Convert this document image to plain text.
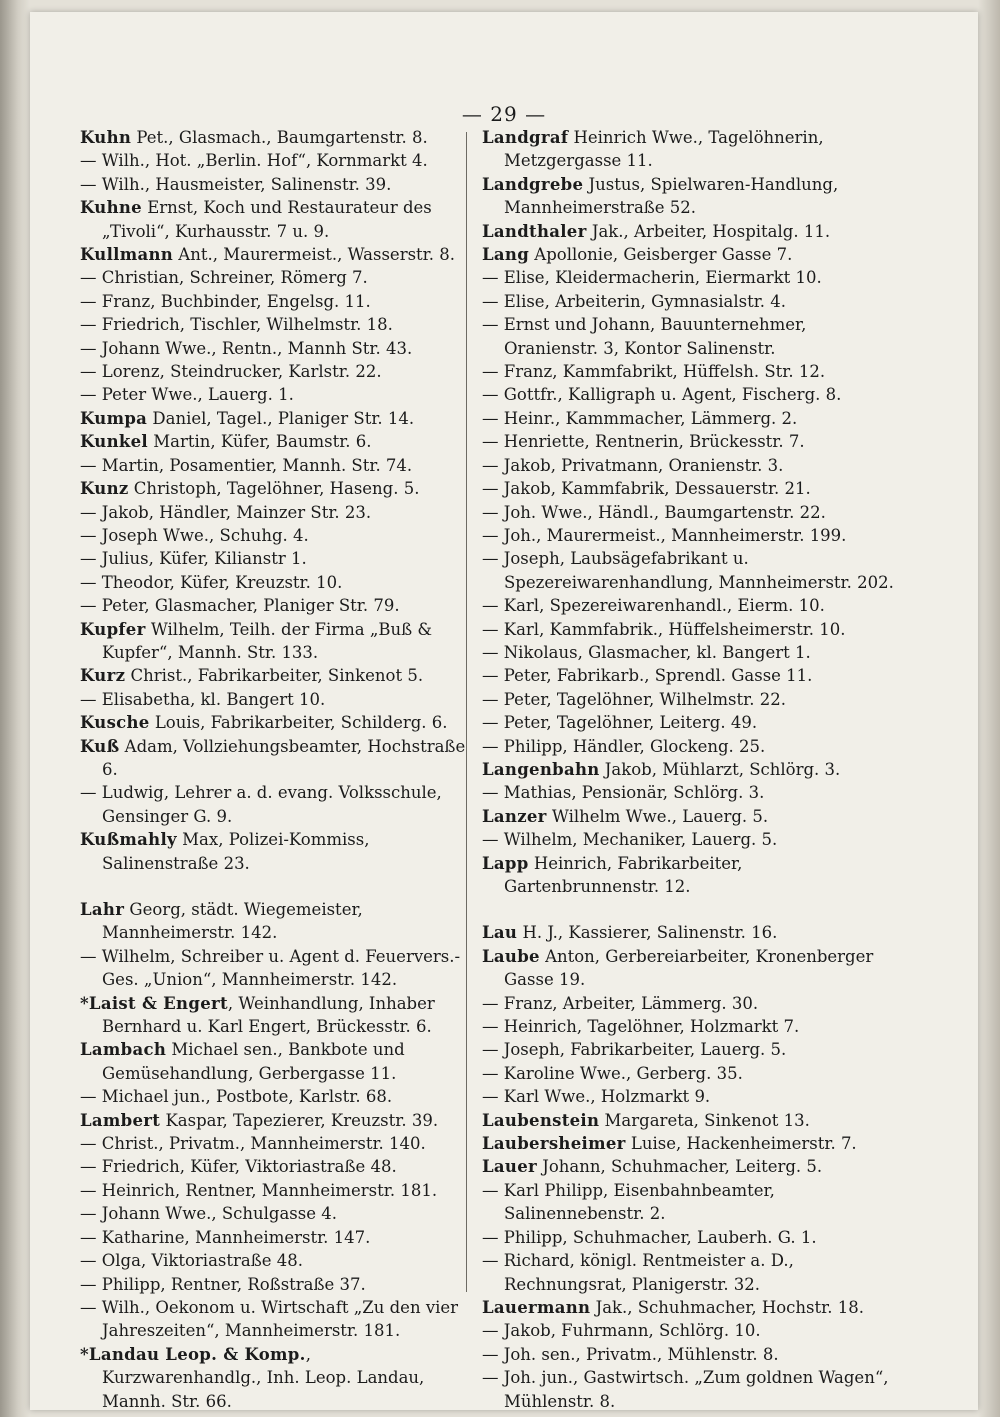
— 29 —
Kuhn Pet., Glasmach., Baumgartenstr. 8.
— Wilh., Hot. „Berlin. Hof“, Kornmarkt 4.
— Wilh., Hausmeister, Salinenstr. 39.
Kuhne Ernst, Koch und Restaurateur des „Tivoli“, Kurhausstr. 7 u. 9.
Kullmann Ant., Maurermeist., Wasserstr. 8.
— Christian, Schreiner, Römerg 7.
— Franz, Buchbinder, Engelsg. 11.
— Friedrich, Tischler, Wilhelmstr. 18.
— Johann Wwe., Rentn., Mannh Str. 43.
— Lorenz, Steindrucker, Karlstr. 22.
— Peter Wwe., Lauerg. 1.
Kumpa Daniel, Tagel., Planiger Str. 14.
Kunkel Martin, Küfer, Baumstr. 6.
— Martin, Posamentier, Mannh. Str. 74.
Kunz Christoph, Tagelöhner, Haseng. 5.
— Jakob, Händler, Mainzer Str. 23.
— Joseph Wwe., Schuhg. 4.
— Julius, Küfer, Kilianstr 1.
— Theodor, Küfer, Kreuzstr. 10.
— Peter, Glasmacher, Planiger Str. 79.
Kupfer Wilhelm, Teilh. der Firma „Buß & Kupfer“, Mannh. Str. 133.
Kurz Christ., Fabrikarbeiter, Sinkenot 5.
— Elisabetha, kl. Bangert 10.
Kusche Louis, Fabrikarbeiter, Schilderg. 6.
Kuß Adam, Vollziehungsbeamter, Hochstraße 6.
— Ludwig, Lehrer a. d. evang. Volksschule, Gensinger G. 9.
Kußmahly Max, Polizei-Kommiss, Salinenstraße 23.
Lahr Georg, städt. Wiegemeister, Mannheimerstr. 142.
— Wilhelm, Schreiber u. Agent d. Feuervers.-Ges. „Union“, Mannheimerstr. 142.
*Laist & Engert, Weinhandlung, Inhaber Bernhard u. Karl Engert, Brückesstr. 6.
Lambach Michael sen., Bankbote und Gemüsehandlung, Gerbergasse 11.
— Michael jun., Postbote, Karlstr. 68.
Lambert Kaspar, Tapezierer, Kreuzstr. 39.
— Christ., Privatm., Mannheimerstr. 140.
— Friedrich, Küfer, Viktoriastraße 48.
— Heinrich, Rentner, Mannheimerstr. 181.
— Johann Wwe., Schulgasse 4.
— Katharine, Mannheimerstr. 147.
— Olga, Viktoriastraße 48.
— Philipp, Rentner, Roßstraße 37.
— Wilh., Oekonom u. Wirtschaft „Zu den vier Jahreszeiten“, Mannheimerstr. 181.
*Landau Leop. & Komp., Kurzwarenhandlg., Inh. Leop. Landau, Mannh. Str. 66.
Landgraf Heinrich Wwe., Tagelöhnerin, Metzgergasse 11.
Landgrebe Justus, Spielwaren-Handlung, Mannheimerstraße 52.
Landthaler Jak., Arbeiter, Hospitalg. 11.
Lang Apollonie, Geisberger Gasse 7.
— Elise, Kleidermacherin, Eiermarkt 10.
— Elise, Arbeiterin, Gymnasialstr. 4.
— Ernst und Johann, Bauunternehmer, Oranienstr. 3, Kontor Salinenstr.
— Franz, Kammfabrikt, Hüffelsh. Str. 12.
— Gottfr., Kalligraph u. Agent, Fischerg. 8.
— Heinr., Kammmacher, Lämmerg. 2.
— Henriette, Rentnerin, Brückesstr. 7.
— Jakob, Privatmann, Oranienstr. 3.
— Jakob, Kammfabrik, Dessauerstr. 21.
— Joh. Wwe., Händl., Baumgartenstr. 22.
— Joh., Maurermeist., Mannheimerstr. 199.
— Joseph, Laubsägefabrikant u. Spezereiwarenhandlung, Mannheimerstr. 202.
— Karl, Spezereiwarenhandl., Eierm. 10.
— Karl, Kammfabrik., Hüffelsheimerstr. 10.
— Nikolaus, Glasmacher, kl. Bangert 1.
— Peter, Fabrikarb., Sprendl. Gasse 11.
— Peter, Tagelöhner, Wilhelmstr. 22.
— Peter, Tagelöhner, Leiterg. 49.
— Philipp, Händler, Glockeng. 25.
Langenbahn Jakob, Mühlarzt, Schlörg. 3.
— Mathias, Pensionär, Schlörg. 3.
Lanzer Wilhelm Wwe., Lauerg. 5.
— Wilhelm, Mechaniker, Lauerg. 5.
Lapp Heinrich, Fabrikarbeiter, Gartenbrunnenstr. 12.
Lau H. J., Kassierer, Salinenstr. 16.
Laube Anton, Gerbereiarbeiter, Kronenberger Gasse 19.
— Franz, Arbeiter, Lämmerg. 30.
— Heinrich, Tagelöhner, Holzmarkt 7.
— Joseph, Fabrikarbeiter, Lauerg. 5.
— Karoline Wwe., Gerberg. 35.
— Karl Wwe., Holzmarkt 9.
Laubenstein Margareta, Sinkenot 13.
Laubersheimer Luise, Hackenheimerstr. 7.
Lauer Johann, Schuhmacher, Leiterg. 5.
— Karl Philipp, Eisenbahnbeamter, Salinennebenstr. 2.
— Philipp, Schuhmacher, Lauberh. G. 1.
— Richard, königl. Rentmeister a. D., Rechnungsrat, Planigerstr. 32.
Lauermann Jak., Schuhmacher, Hochstr. 18.
— Jakob, Fuhrmann, Schlörg. 10.
— Joh. sen., Privatm., Mühlenstr. 8.
— Joh. jun., Gastwirtsch. „Zum goldnen Wagen“, Mühlenstr. 8.
